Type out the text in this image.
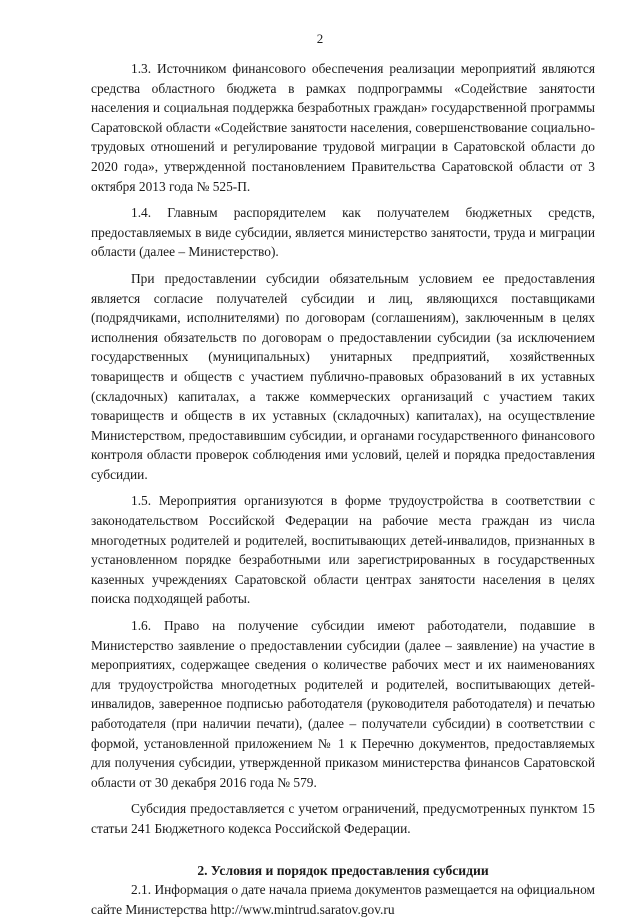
2

1.3. Источником финансового обеспечения реализации мероприятий являются средства областного бюджета в рамках подпрограммы «Содействие занятости населения и социальная поддержка безработных граждан» государственной программы Саратовской области «Содействие занятости населения, совершенствование социально-трудовых отношений и регулирование трудовой миграции в Саратовской области до 2020 года», утвержденной постановлением Правительства Саратовской области от 3 октября 2013 года № 525-П.

1.4. Главным распорядителем как получателем бюджетных средств, предоставляемых в виде субсидии, является министерство занятости, труда и миграции области (далее – Министерство).

При предоставлении субсидии обязательным условием ее предоставления является согласие получателей субсидии и лиц, являющихся поставщиками (подрядчиками, исполнителями) по договорам (соглашениям), заключенным в целях исполнения обязательств по договорам о предоставлении субсидии (за исключением государственных (муниципальных) унитарных предприятий, хозяйственных товариществ и обществ с участием публично-правовых образований в их уставных (складочных) капиталах, а также коммерческих организаций с участием таких товариществ и обществ в их уставных (складочных) капиталах), на осуществление Министерством, предоставившим субсидии, и органами государственного финансового контроля области проверок соблюдения ими условий, целей и порядка предоставления субсидии.

1.5. Мероприятия организуются в форме трудоустройства в соответствии с законодательством Российской Федерации на рабочие места граждан из числа многодетных родителей и родителей, воспитывающих детей-инвалидов, признанных в установленном порядке безработными или зарегистрированных в государственных казенных учреждениях Саратовской области центрах занятости населения в целях поиска подходящей работы.

1.6. Право на получение субсидии имеют работодатели, подавшие в Министерство заявление о предоставлении субсидии (далее – заявление) на участие в мероприятиях, содержащее сведения о количестве рабочих мест и их наименованиях для трудоустройства многодетных родителей и родителей, воспитывающих детей-инвалидов, заверенное подписью работодателя (руководителя работодателя) и печатью работодателя (при наличии печати), (далее – получатели субсидии) в соответствии с формой, установленной приложением № 1 к Перечню документов, предоставляемых для получения субсидии, утвержденной приказом министерства финансов Саратовской области от 30 декабря 2016 года № 579.

Субсидия предоставляется с учетом ограничений, предусмотренных пунктом 15 статьи 241 Бюджетного кодекса Российской Федерации.

2. Условия и порядок предоставления субсидии

2.1. Информация о дате начала приема документов размещается на официальном сайте Министерства http://www.mintrud.saratov.gov.ru
